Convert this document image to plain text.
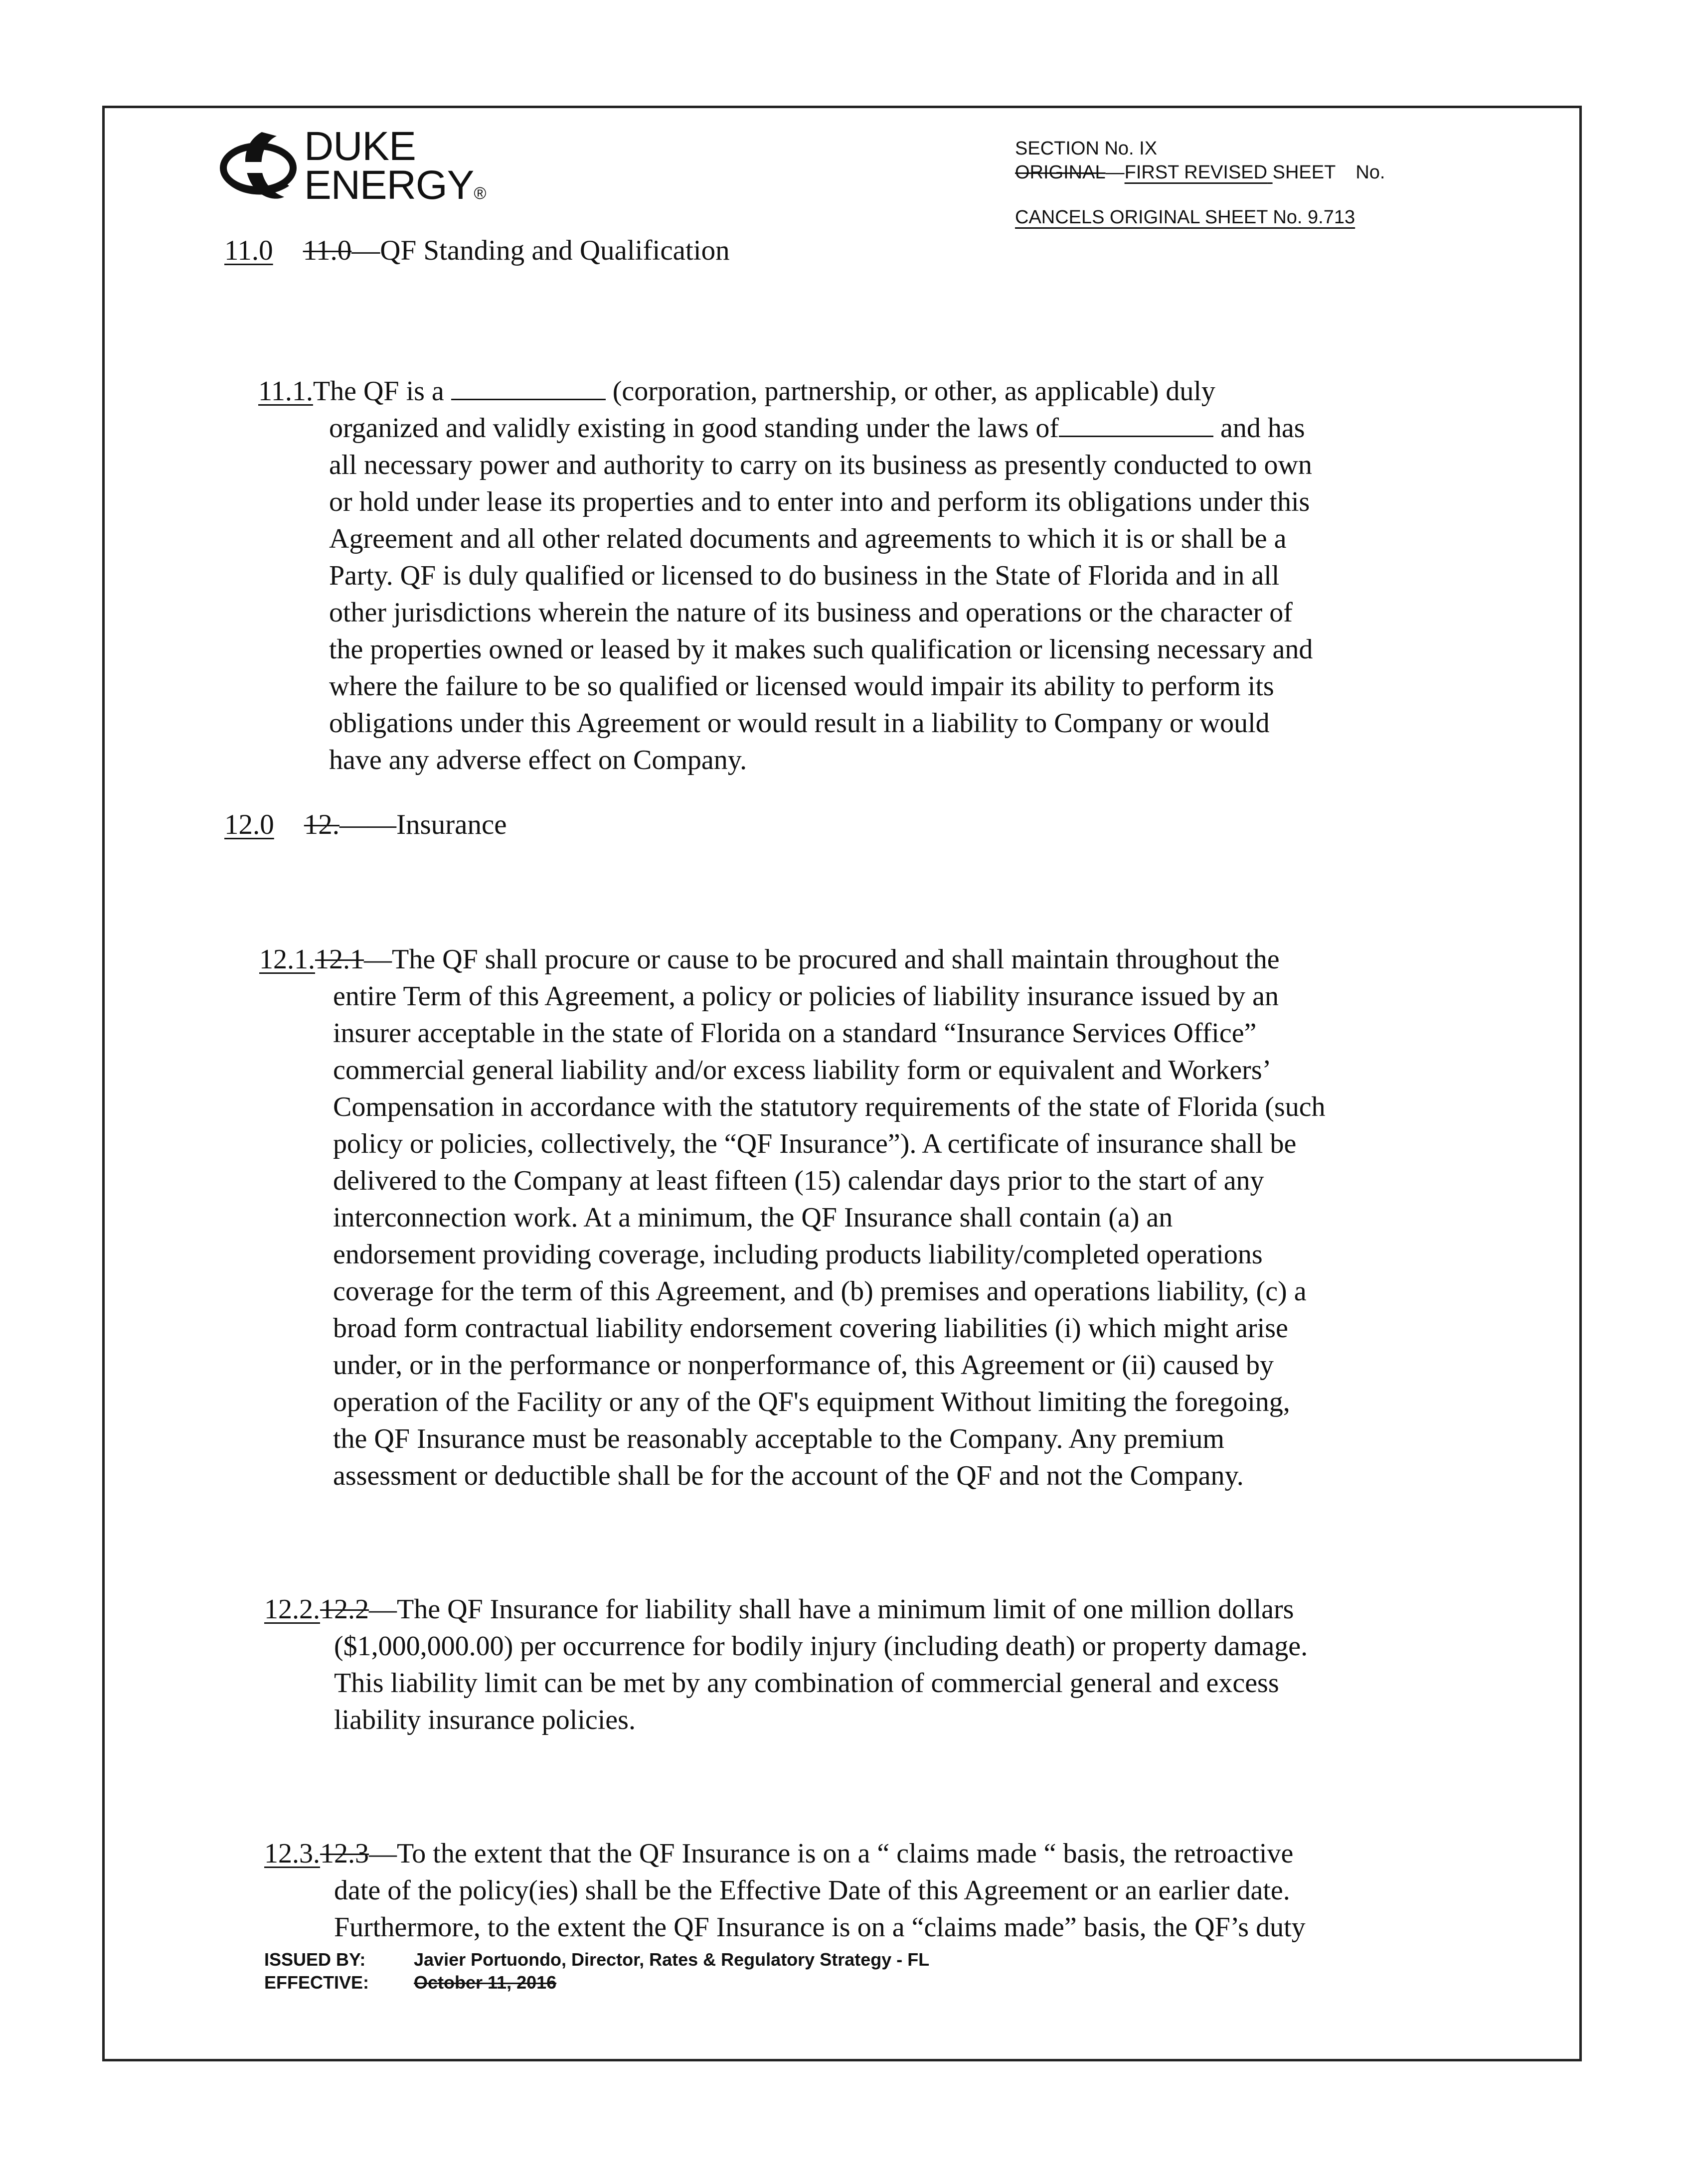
DUKE
ENERGY®
SECTION No. IX
ORIGINAL—FIRST REVISED SHEET No.
CANCELS ORIGINAL SHEET No. 9.713
11.0 11.0—QF Standing and Qualification
11.1.The QF is a	(corporation, partnership, or other, as applicable) duly
organized and validly existing in good standing under the laws of	and has
all necessary power and authority to carry on its business as presently conducted to own
or hold under lease its properties and to enter into and perform its obligations under this
Agreement and all other related documents and agreements to which it is or shall be a
Party. QF is duly qualified or licensed to do business in the State of Florida and in all
other jurisdictions wherein the nature of its business and operations or the character of
the properties owned or leased by it makes such qualification or licensing necessary and
where the failure to be so qualified or licensed would impair its ability to perform its
obligations under this Agreement or would result in a liability to Company or would
have any adverse effect on Company.
12.0 12.——Insurance
12.1.12.1—The QF shall procure or cause to be procured and shall maintain throughout the
entire Term of this Agreement, a policy or policies of liability insurance issued by an
insurer acceptable in the state of Florida on a standard “Insurance Services Office”
commercial general liability and/or excess liability form or equivalent and Workers’
Compensation in accordance with the statutory requirements of the state of Florida (such
policy or policies, collectively, the “QF Insurance”). A certificate of insurance shall be
delivered to the Company at least fifteen (15) calendar days prior to the start of any
interconnection work. At a minimum, the QF Insurance shall contain (a) an
endorsement providing coverage, including products liability/completed operations
coverage for the term of this Agreement, and (b) premises and operations liability, (c) a
broad form contractual liability endorsement covering liabilities (i) which might arise
under, or in the performance or nonperformance of, this Agreement or (ii) caused by
operation of the Facility or any of the QF's equipment Without limiting the foregoing,
the QF Insurance must be reasonably acceptable to the Company. Any premium
assessment or deductible shall be for the account of the QF and not the Company.
12.2.12.2—The QF Insurance for liability shall have a minimum limit of one million dollars
($1,000,000.00) per occurrence for bodily injury (including death) or property damage.
This liability limit can be met by any combination of commercial general and excess
liability insurance policies.
12.3.12.3—To the extent that the QF Insurance is on a “ claims made “ basis, the retroactive
date of the policy(ies) shall be the Effective Date of this Agreement or an earlier date.
Furthermore, to the extent the QF Insurance is on a “claims made” basis, the QF’s duty
ISSUED BY:	Javier Portuondo, Director, Rates & Regulatory Strategy - FL
EFFECTIVE: October 11, 2016
